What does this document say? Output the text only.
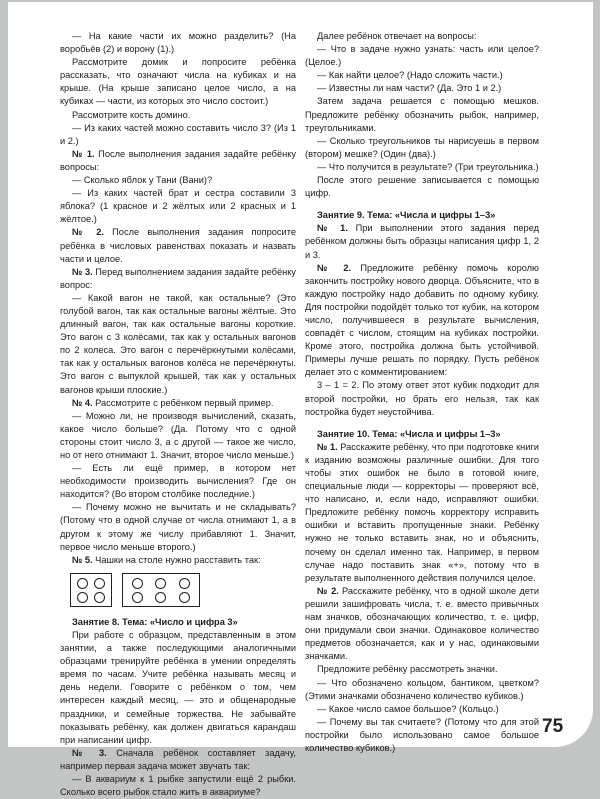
— На какие части их можно разделить? (На воробьёв (2) и ворону (1).)

Рассмотрите домик и попросите ребёнка рассказать, что означают числа на кубиках и на крыше. (На крыше записано целое число, а на кубиках — части, из которых это число состоит.)

Рассмотрите кость домино.

— Из каких частей можно составить число 3? (Из 1 и 2.)

№ 1. После выполнения задания задайте ребёнку вопросы:

— Сколько яблок у Тани (Вани)?

— Из каких частей брат и сестра составили 3 яблока? (1 красное и 2 жёлтых или 2 красных и 1 жёлтое.)

№ 2. После выполнения задания попросите ребёнка в числовых равенствах показать и назвать части и целое.

№ 3. Перед выполнением задания задайте ребёнку вопрос:

— Какой вагон не такой, как остальные? (Это голубой вагон, так как остальные вагоны жёлтые. Это длинный вагон, так как остальные вагоны короткие. Это вагон с 3 колёсами, так как у остальных вагонов по 2 колеса. Это вагон с перечёркнутыми колёсами, так как у остальных вагонов колёса не перечёркнуты. Это вагон с выпуклой крышей, так как у остальных вагонов крыши плоские.)

№ 4. Рассмотрите с ребёнком первый пример.

— Можно ли, не производя вычислений, сказать, какое число больше? (Да. Потому что с одной стороны стоит число 3, а с другой — такое же число, но от него отнимают 1. Значит, второе число меньше.)

— Есть ли ещё пример, в котором нет необходимости производить вычисления? Где он находится? (Во втором столбике последние.)

— Почему можно не вычитать и не складывать? (Потому что в одной случае от числа отнимают 1, а в другом к этому же числу прибавляют 1. Значит, первое число меньше второго.)

№ 5. Чашки на столе нужно расставить так:

Занятие 8. Тема: «Число и цифра 3»

При работе с образцом, представленным в этом занятии, а также последующими аналогичными образцами тренируйте ребёнка в умении определять время по часам. Учите ребёнка называть месяц и день недели. Говорите с ребёнком о том, чем интересен каждый месяц, — это и общенародные праздники, и семейные торжества. Не забывайте показывать ребёнку, как должен двигаться карандаш при написании цифр.

№ 3. Сначала ребёнок составляет задачу, например первая задача может звучать так:

— В аквариум к 1 рыбке запустили ещё 2 рыбки. Сколько всего рыбок стало жить в аквариуме?

Далее ребёнок отвечает на вопросы:

— Что в задаче нужно узнать: часть или целое? (Целое.)

— Как найти целое? (Надо сложить части.)

— Известны ли нам части? (Да. Это 1 и 2.)

Затем задача решается с помощью мешков. Предложите ребёнку обозначить рыбок, например, треугольниками.

— Сколько треугольников ты нарисуешь в первом (втором) мешке? (Один (два).)

— Что получится в результате? (Три треугольника.)

После этого решение записывается с помощью цифр.

Занятие 9. Тема: «Числа и цифры 1–3»

№ 1. При выполнении этого задания перед ребёнком должны быть образцы написания цифр 1, 2 и 3.

№ 2. Предложите ребёнку помочь королю закончить постройку нового дворца. Объясните, что в каждую постройку надо добавить по одному кубику. Для постройки подойдёт только тот кубик, на котором число, получившееся в результате вычисления, совпадёт с числом, стоящим на кубиках постройки. Кроме этого, постройка должна быть устойчивой. Примеры лучше решать по порядку. Пусть ребёнок делает это с комментированием:

3 – 1 = 2. По этому ответ этот кубик подходит для второй постройки, но брать его нельзя, так как постройка будет неустойчива.

Занятие 10. Тема: «Числа и цифры 1–3»

№ 1. Расскажите ребёнку, что при подготовке книги к изданию возможны различные ошибки. Для того чтобы этих ошибок не было в готовой книге, специальные люди — корректоры — проверяют всё, что написано, и, если надо, исправляют ошибки. Предложите ребёнку помочь корректору исправить ошибки и вставить пропущенные знаки. Ребёнку нужно не только вставить знак, но и объяснить, почему он сделал именно так. Например, в первом случае надо поставить знак «+», потому что в результате выполненного действия получился целое.

№ 2. Расскажите ребёнку, что в одной школе дети решили зашифровать числа, т. е. вместо привычных нам значков, обозначающих количество, т. е. цифр, они придумали свои значки. Одинаковое количество предметов обозначается, как и у нас, одинаковыми значками.

Предложите ребёнку рассмотреть значки.

— Что обозначено кольцом, бантиком, цветком? (Этими значками обозначено количество кубиков.)

— Какое число самое большое? (Кольцо.)

— Почему вы так считаете? (Потому что для этой постройки было использовано самое большое количество кубиков.)

75
